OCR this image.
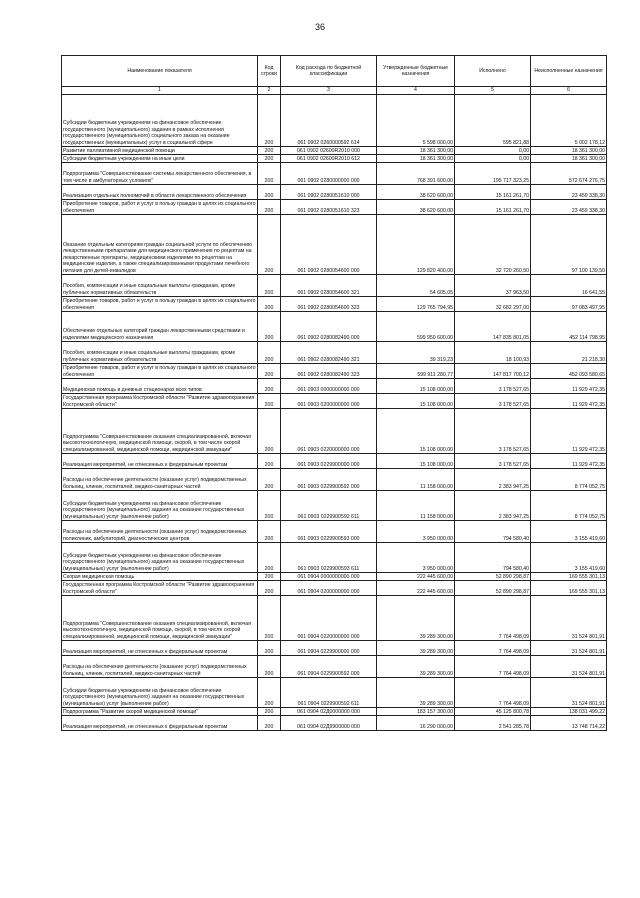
36
Наименование показателя	Код строки	Код расхода по бюджетной классификации	Утвержденные бюджетные назначения	Исполнено	Неисполненные назначения
1	2	3	4	5	6
Субсидии бюджетным учреждениям на финансовое обеспечение государственного (муниципального) задания в рамках исполнения государственного (муниципального) социального заказа на оказание государственных (муниципальных) услуг в социальной сфере	200	061 0902 0260000592 614	5 598 000,00	595 821,88	5 002 178,12
Развитие паллиативной медицинской помощи	200	061 0902 02600R2010 000	18 361 300,00	0,00	18 361 300,00
Субсидии бюджетным учреждениям на иные цели	200	061 0902 02600R2010 612	18 361 300,00	0,00	18 361 300,00
Подпрограмма "Совершенствование системы лекарственного обеспечения, в том числе в амбулаторных условиях"	200	061 0902 0280000000 000	768 391 600,00	195 717 323,25	572 674 276,75
Реализация отдельных полномочий в области лекарственного обеспечения	200	061 0902 0280051610 000	38 620 600,00	15 161 261,70	23 459 338,30
Приобретение товаров, работ и услуг в пользу граждан в целях их социального обеспечения	200	061 0902 0280051610 323	38 620 600,00	15 161 261,70	23 459 338,30
Оказание отдельным категориям граждан социальной услуги по обеспечению лекарственными препаратами для медицинского применения по рецептам на лекарственные препараты, медицинскими изделиями по рецептам на медицинские изделия, а также специализированными продуктами лечебного питания для детей-инвалидов	200	061 0902 0280054600 000	129 820 400,00	32 720 260,50	97 100 139,50
Пособия, компенсации и иные социальные выплаты гражданам, кроме публичных нормативных обязательств	200	061 0902 0280054600 321	54 605,05	37 963,50	16 641,55
Приобретение товаров, работ и услуг в пользу граждан в целях их социального обеспечения	200	061 0902 0280054600 323	129 765 794,95	32 682 297,00	97 083 497,95
Обеспечение отдельных категорий граждан лекарственными средствами и изделиями медицинского назначения	200	061 0902 0280082490 000	599 950 600,00	147 835 801,05	452 114 798,95
Пособия, компенсации и иные социальные выплаты гражданам, кроме публичных нормативных обязательств	200	061 0902 0280082490 321	39 319,23	18 100,93	21 218,30
Приобретение товаров, работ и услуг в пользу граждан в целях их социального обеспечения	200	061 0902 0280082490 323	599 911 280,77	147 817 700,12	452 093 580,65
Медицинская помощь в дневных стационарах всех типов	200	061 0903 0000000000 000	15 108 000,00	3 178 527,65	11 929 472,35
Государственная программа Костромской области "Развитие здравоохранения Костромской области"	200	061 0903 0200000000 000	15 108 000,00	3 178 527,65	11 929 472,35
Подпрограмма "Совершенствование оказания специализированной, включая высокотехнологичную, медицинской помощи, скорой, в том числе скорой специализированной, медицинской помощи, медицинской эвакуации"	200	061 0903 0220000000 000	15 108 000,00	3 178 527,65	11 929 472,35
Реализация мероприятий, не отнесенных к федеральным проектам	200	061 0903 0229900000 000	15 108 000,00	3 178 527,65	11 929 472,35
Расходы на обеспечение деятельности (оказание услуг) подведомственных больниц, клиник, госпиталей, медико-санитарных частей	200	061 0903 0229900592 000	11 158 000,00	2 383 947,25	8 774 052,75
Субсидии бюджетным учреждениям на финансовое обеспечение государственного (муниципального) задания на оказание государственных (муниципальных) услуг (выполнение работ)	200	061 0903 0229900592 611	11 158 000,00	2 383 947,25	8 774 052,75
Расходы на обеспечение деятельности (оказание услуг) подведомственных поликлиник, амбулаторий, диагностических центров	200	061 0903 0229900593 000	3 950 000,00	794 580,40	3 155 419,60
Субсидии бюджетным учреждениям на финансовое обеспечение государственного (муниципального) задания на оказание государственных (муниципальных) услуг (выполнение работ)	200	061 0903 0229900593 611	3 950 000,00	794 580,40	3 155 419,60
Скорая медицинская помощь	200	061 0904 0000000000 000	222 445 600,00	52 890 298,87	169 555 301,13
Государственная программа Костромской области "Развитие здравоохранения Костромской области"	200	061 0904 0200000000 000	222 445 600,00	52 890 298,87	169 555 301,13
Подпрограмма "Совершенствование оказания специализированной, включая высокотехнологичную, медицинской помощи, скорой, в том числе скорой специализированной, медицинской помощи, медицинской эвакуации"	200	061 0904 0220000000 000	39 289 300,00	7 764 498,09	31 524 801,91
Реализация мероприятий, не отнесенных к федеральным проектам	200	061 0904 0229900000 000	39 289 300,00	7 764 498,09	31 524 801,91
Расходы на обеспечение деятельности (оказание услуг) подведомственных больниц, клиник, госпиталей, медико-санитарных частей	200	061 0904 0229900592 000	39 289 300,00	7 764 498,09	31 524 801,91
Субсидии бюджетным учреждениям на финансовое обеспечение государственного (муниципального) задания на оказание государственных (муниципальных) услуг (выполнение работ)	200	061 0904 0229900592 611	39 289 300,00	7 764 498,09	31 524 801,91
Подпрограмма "Развитие скорой медицинской помощи"	200	061 0904 02Д0000000 000	183 157 300,00	45 125 800,78	138 031 499,22
Реализация мероприятий, не отнесенных к федеральным проектам	200	061 0904 02Д9900000 000	16 290 000,00	2 541 285,78	13 748 714,22
